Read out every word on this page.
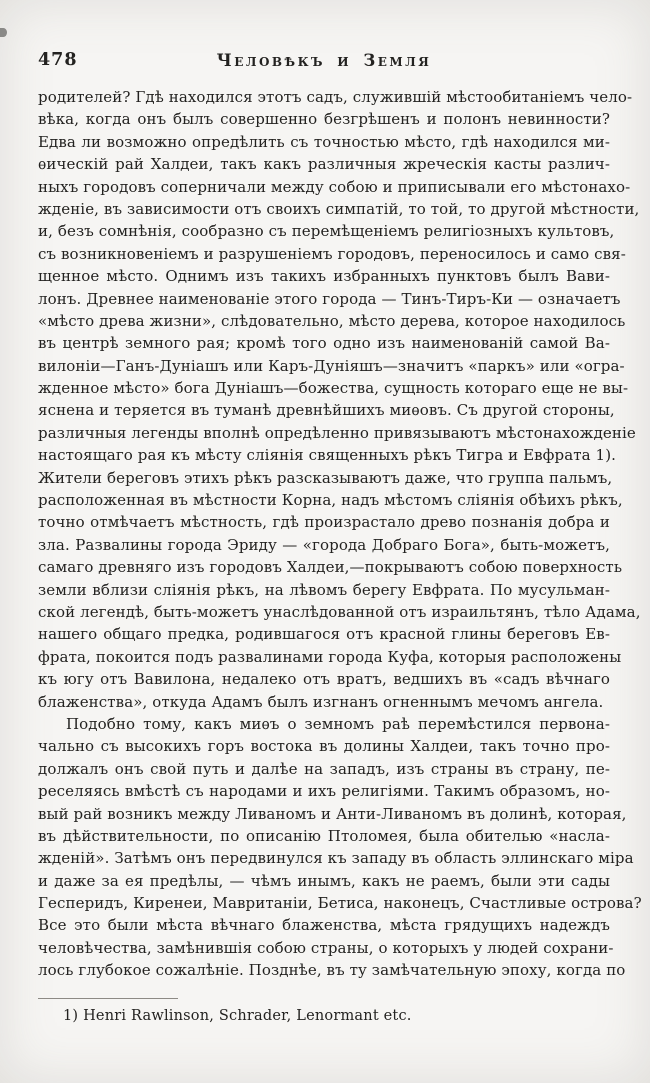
478	Человѣкъ и Земля
родителей? Гдѣ находился этотъ садъ, служившій мѣстообитаніемъ чело-
вѣка, когда онъ былъ совершенно безгрѣшенъ и полонъ невинности?
Едва ли возможно опредѣлить съ точностью мѣсто, гдѣ находился ми-
ѳическій рай Халдеи, такъ какъ различныя жреческія касты различ-
ныхъ городовъ соперничали между собою и приписывали его мѣстонахо-
жденіе, въ зависимости отъ своихъ симпатій, то той, то другой мѣстности,
и, безъ сомнѣнія, сообразно съ перемѣщеніемъ религіозныхъ культовъ,
съ возникновеніемъ и разрушеніемъ городовъ, переносилось и само свя-
щенное мѣсто. Однимъ изъ такихъ избранныхъ пунктовъ былъ Вави-
лонъ. Древнее наименованіе этого города — Тинъ-Тиръ-Ки — означаетъ
«мѣсто древа жизни», слѣдовательно, мѣсто дерева, которое находилось
въ центрѣ земного рая; кромѣ того одно изъ наименованій самой Ва-
вилоніи—Ганъ-Дуніашъ или Каръ-Дуніяшъ—значитъ «паркъ» или «огра-
жденное мѣсто» бога Дуніашъ—божества, сущность котораго еще не вы-
яснена и теряется въ туманѣ древнѣйшихъ миѳовъ. Съ другой стороны,
различныя легенды вполнѣ опредѣленно привязываютъ мѣстонахожденіе
настоящаго рая къ мѣсту сліянія священныхъ рѣкъ Тигра и Евфрата 1).
Жители береговъ этихъ рѣкъ разсказываютъ даже, что группа пальмъ,
расположенная въ мѣстности Корна, надъ мѣстомъ сліянія обѣихъ рѣкъ,
точно отмѣчаетъ мѣстность, гдѣ произрастало древо познанія добра и
зла. Развалины города Эриду — «города Добраго Бога», быть-можетъ,
самаго древняго изъ городовъ Халдеи,—покрываютъ собою поверхность
земли вблизи сліянія рѣкъ, на лѣвомъ берегу Евфрата. По мусульман-
ской легендѣ, быть-можетъ унаслѣдованной отъ израильтянъ, тѣло Адама,
нашего общаго предка, родившагося отъ красной глины береговъ Ев-
фрата, покоится подъ развалинами города Куфа, которыя расположены
къ югу отъ Вавилона, недалеко отъ вратъ, ведшихъ въ «садъ вѣчнаго
блаженства», откуда Адамъ былъ изгнанъ огненнымъ мечомъ ангела.
Подобно тому, какъ миѳъ о земномъ раѣ перемѣстился первона-
чально съ высокихъ горъ востока въ долины Халдеи, такъ точно про-
должалъ онъ свой путь и далѣе на западъ, изъ страны въ страну, пе-
реселяясь вмѣстѣ съ народами и ихъ религіями. Такимъ образомъ, но-
вый рай возникъ между Ливаномъ и Анти-Ливаномъ въ долинѣ, которая,
въ дѣйствительности, по описанію Птоломея, была обителью «насла-
жденій». Затѣмъ онъ передвинулся къ западу въ область эллинскаго міра
и даже за ея предѣлы, — чѣмъ инымъ, какъ не раемъ, были эти сады
Гесперидъ, Киренеи, Мавританіи, Бетиса, наконецъ, Счастливые острова?
Все это были мѣста вѣчнаго блаженства, мѣста грядущихъ надеждъ
человѣчества, замѣнившія собою страны, о которыхъ у людей сохрани-
лось глубокое сожалѣніе. Позднѣе, въ ту замѣчательную эпоху, когда по
1) Henri Rawlinson, Schrader, Lenormant etc.
